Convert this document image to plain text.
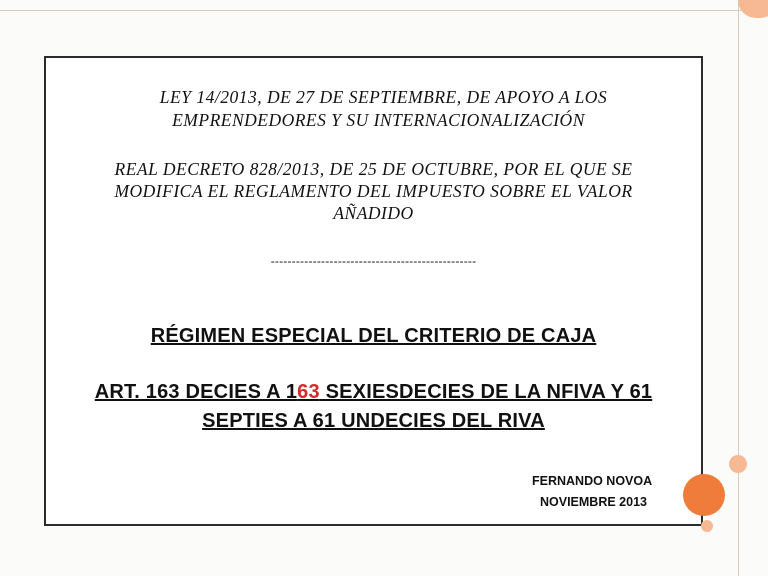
LEY 14/2013, DE 27 DE SEPTIEMBRE, DE APOYO A LOS
EMPRENDEDORES Y SU INTERNACIONALIZACIÓN
REAL DECRETO 828/2013, DE 25 DE OCTUBRE, POR EL QUE SE
MODIFICA EL REGLAMENTO DEL IMPUESTO SOBRE EL VALOR
AÑADIDO
-------------------------------------------------
RÉGIMEN ESPECIAL DEL CRITERIO DE CAJA
ART. 163 DECIES A 163 SEXIESDECIES DE LA NFIVA Y 61
SEPTIES A 61 UNDECIES DEL RIVA
FERNANDO NOVOA
NOVIEMBRE 2013
